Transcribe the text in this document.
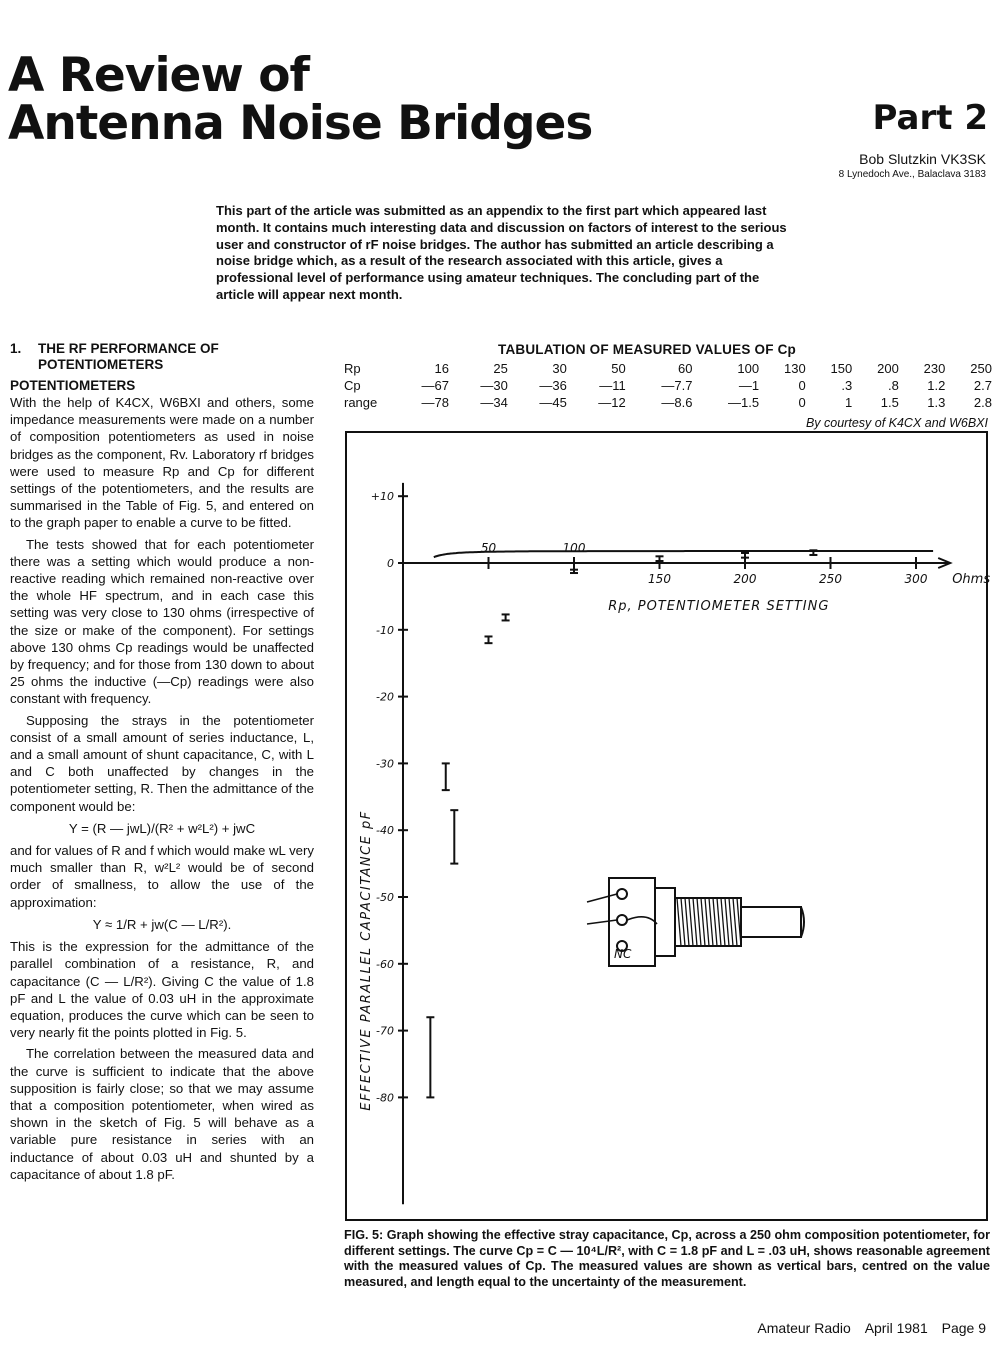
A Review of
Antenna Noise Bridges	Part 2
Bob Slutzkin VK3SK
8 Lynedoch Ave., Balaclava 3183
This part of the article was submitted as an appendix to the first part which appeared last month. It contains much interesting data and discussion on factors of interest to the serious user and constructor of rF noise bridges. The author has submitted an article describing a noise bridge which, as a result of the research associated with this article, gives a professional level of performance using amateur techniques. The concluding part of the article will appear next month.
1. THE RF PERFORMANCE OF
POTENTIOMETERS
POTENTIOMETERS

With the help of K4CX, W6BXI and others, some impedance measurements were made on a number of composition potentiometers as used in noise bridges as the component, Rv. Laboratory rf bridges were used to measure Rp and Cp for different settings of the potentiometers, and the results are summarised in the Table of Fig. 5, and entered on to the graph paper to enable a curve to be fitted.

The tests showed that for each potentiometer there was a setting which would produce a non-reactive reading which remained non-reactive over the whole HF spectrum, and in each case this setting was very close to 130 ohms (irrespective of the size or make of the component). For settings above 130 ohms Cp readings would be unaffected by frequency; and for those from 130 down to about 25 ohms the inductive (—Cp) readings were also constant with frequency.

Supposing the strays in the potentiometer consist of a small amount of series inductance, L, and a small amount of shunt capacitance, C, with L and C both unaffected by changes in the potentiometer setting, R. Then the admittance of the component would be:

Y = (R — jwL)/(R² + w²L²) + jwC

and for values of R and f which would make wL very much smaller than R, w²L² would be of second order of smallness, to allow the use of the approximation:

Y ≈ 1/R + jw(C — L/R²).

This is the expression for the admittance of the parallel combination of a resistance, R, and capacitance (C — L/R²). Giving C the value of 1.8 pF and L the value of 0.03 uH in the approximate equation, produces the curve which can be seen to very nearly fit the points plotted in Fig. 5.

The correlation between the measured data and the curve is sufficient to indicate that the above supposition is fairly close; so that we may assume that a composition potentiometer, when wired as shown in the sketch of Fig. 5 will behave as a variable pure resistance in series with an inductance of about 0.03 uH and shunted by a capacitance of about 1.8 pF.

TABULATION OF MEASURED VALUES OF Cp
Rp	16	25	30	50	60	100	130	150	200	230	250
Cp	—67	—30	—36	—11	—7.7	—1	0	.3	.8	1.2	2.7
range	—78	—34	—45	—12	—8.6	—1.5	0	1	1.5	1.3	2.8
By courtesy of K4CX and W6BXI
+10
0
-10
-20
-30
-40
-50
-60
-70
-80
50	100
150	200	250	300 Ohms
Rp, POTENTIOMETER SETTING
EFFECTIVE PARALLEL CAPACITANCE pF	NC
FIG. 5: Graph showing the effective stray capacitance, Cp, across a 250 ohm composition potentiometer, for different settings. The curve Cp = C — 10⁴L/R², with C = 1.8 pF and L = .03 uH, shows reasonable agreement with the measured values of Cp. The measured values are shown as vertical bars, centred on the value measured, and length equal to the uncertainty of the measurement.
Amateur Radio April 1981 Page 9
